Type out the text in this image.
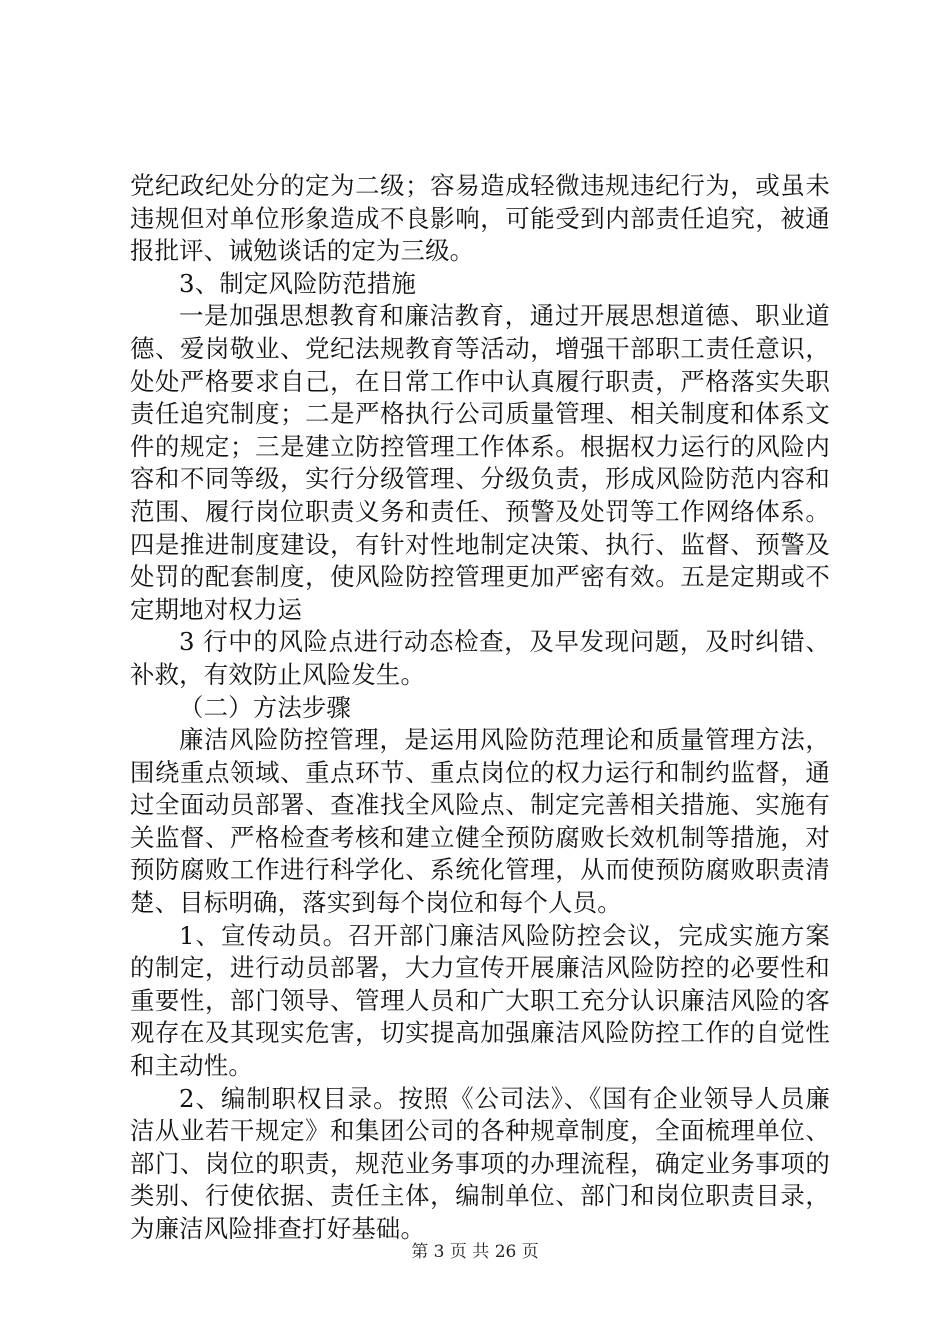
党纪政纪处分的定为二级；容易造成轻微违规违纪行为，或虽未违规但对单位形象造成不良影响，可能受到内部责任追究，被通报批评、诫勉谈话的定为三级。

3、制定风险防范措施

一是加强思想教育和廉洁教育，通过开展思想道德、职业道德、爱岗敬业、党纪法规教育等活动，增强干部职工责任意识，处处严格要求自己，在日常工作中认真履行职责，严格落实失职责任追究制度；二是严格执行公司质量管理、相关制度和体系文件的规定；三是建立防控管理工作体系。根据权力运行的风险内容和不同等级，实行分级管理、分级负责，形成风险防范内容和范围、履行岗位职责义务和责任、预警及处罚等工作网络体系。四是推进制度建设，有针对性地制定决策、执行、监督、预警及处罚的配套制度，使风险防控管理更加严密有效。五是定期或不定期地对权力运

3 行中的风险点进行动态检查，及早发现问题，及时纠错、补救，有效防止风险发生。

（二）方法步骤

廉洁风险防控管理，是运用风险防范理论和质量管理方法，围绕重点领域、重点环节、重点岗位的权力运行和制约监督，通过全面动员部署、查准找全风险点、制定完善相关措施、实施有关监督、严格检查考核和建立健全预防腐败长效机制等措施，对预防腐败工作进行科学化、系统化管理，从而使预防腐败职责清楚、目标明确，落实到每个岗位和每个人员。

1、宣传动员。召开部门廉洁风险防控会议，完成实施方案的制定，进行动员部署，大力宣传开展廉洁风险防控的必要性和重要性，部门领导、管理人员和广大职工充分认识廉洁风险的客观存在及其现实危害，切实提高加强廉洁风险防控工作的自觉性和主动性。

2、编制职权目录。按照《公司法》、《国有企业领导人员廉洁从业若干规定》和集团公司的各种规章制度，全面梳理单位、部门、岗位的职责，规范业务事项的办理流程，确定业务事项的类别、行使依据、责任主体，编制单位、部门和岗位职责目录，为廉洁风险排查打好基础。

第 3 页 共 26 页
